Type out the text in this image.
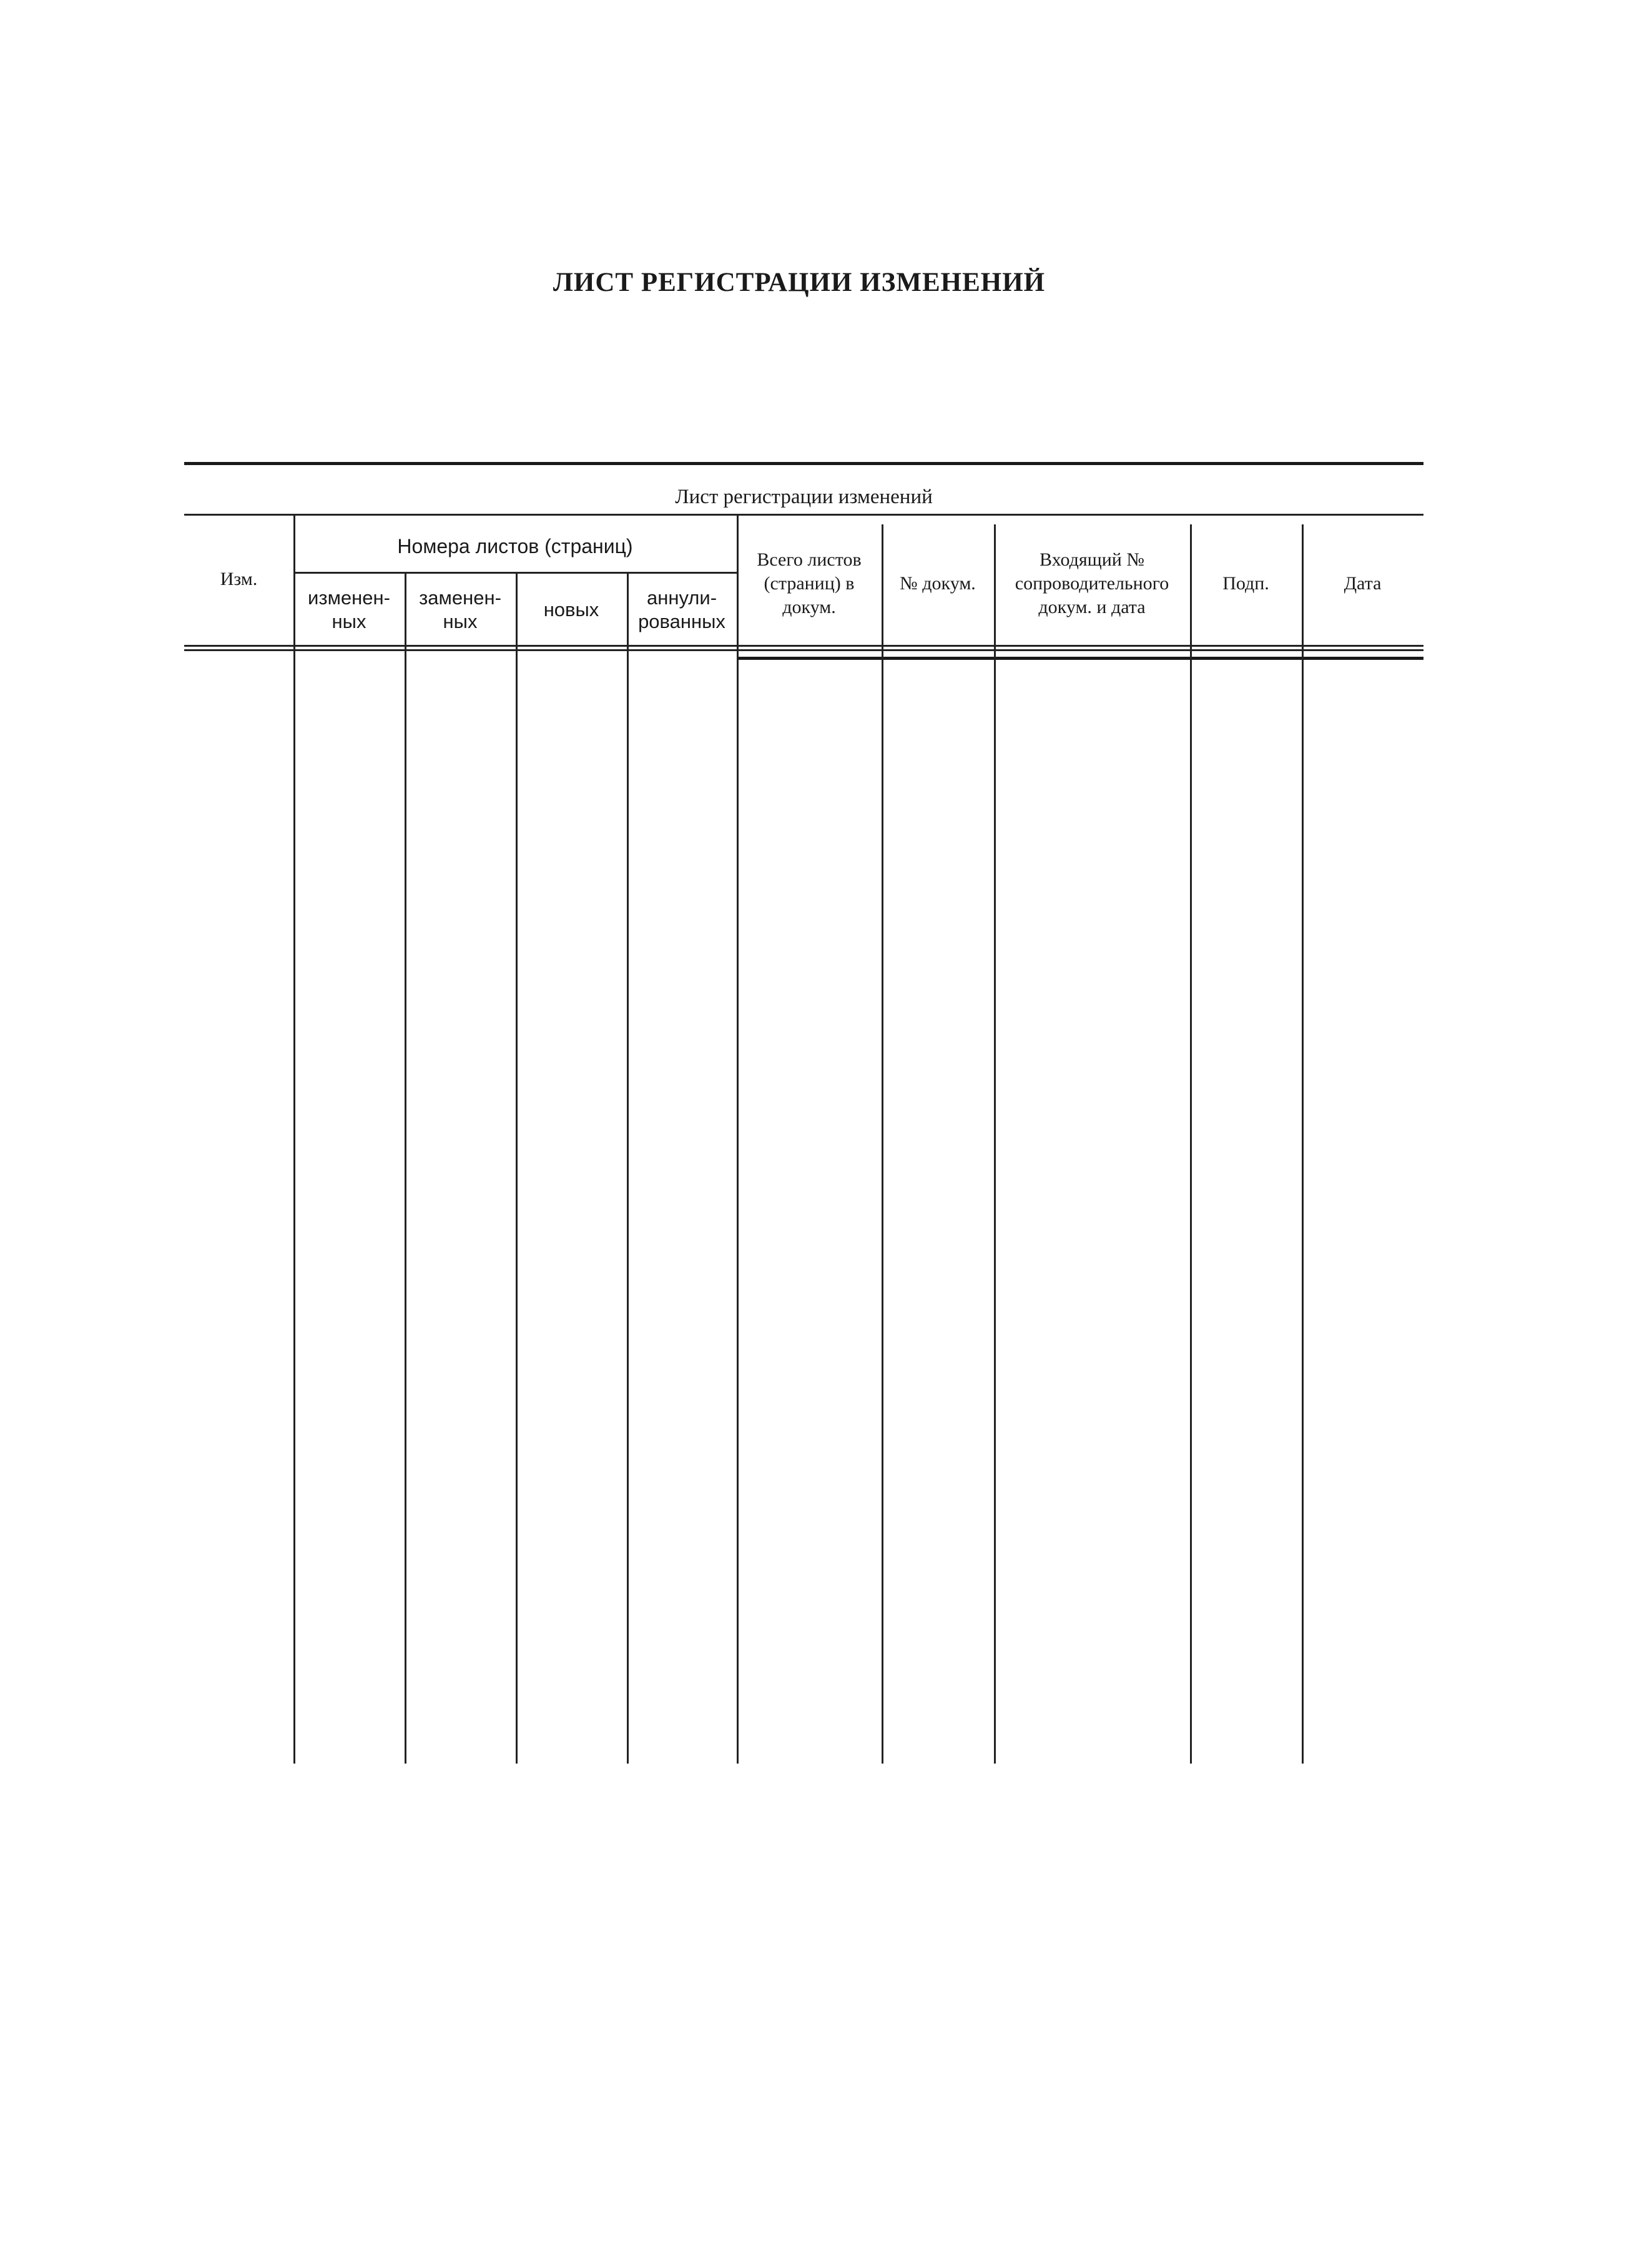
ЛИСТ РЕГИСТРАЦИИ ИЗМЕНЕНИЙ
Лист регистрации изменений
Изм.
Номера листов (страниц)
изменен-
ных
заменен-
ных
новых
аннули-
рованных
Всего листов
(страниц) в
докум.
№ докум.
Входящий №
сопроводительного
докум. и дата
Подп.	Дата
